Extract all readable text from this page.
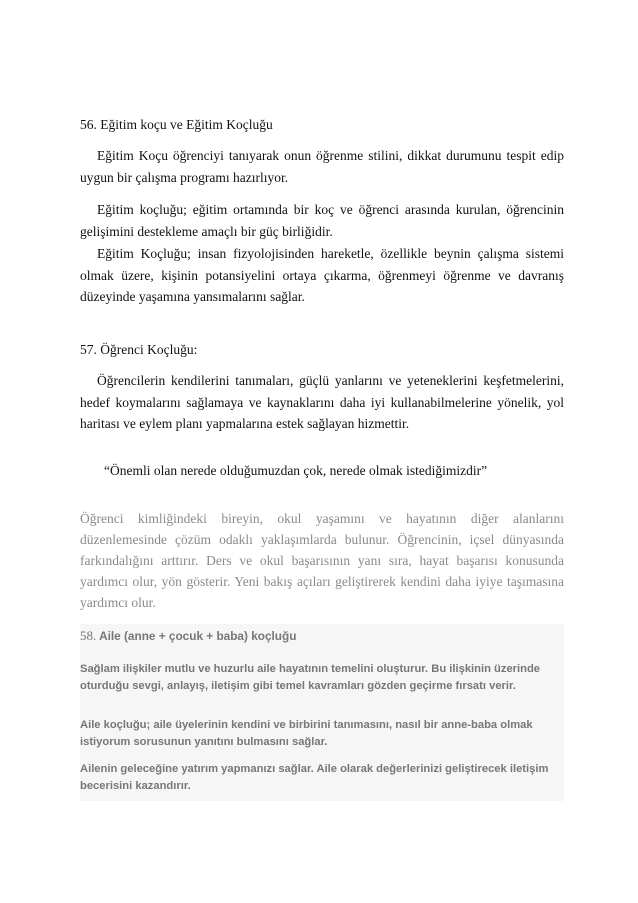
56. Eğitim koçu ve Eğitim Koçluğu
Eğitim Koçu öğrenciyi tanıyarak onun öğrenme stilini, dikkat durumunu tespit edip uygun bir çalışma programı hazırlıyor.
Eğitim koçluğu; eğitim ortamında bir koç ve öğrenci arasında kurulan, öğrencinin gelişimini destekleme amaçlı bir güç birliğidir.
Eğitim Koçluğu; insan fizyolojisinden hareketle, özellikle beynin çalışma sistemi olmak üzere, kişinin potansiyelini ortaya çıkarma, öğrenmeyi öğrenme ve davranış düzeyinde yaşamına yansımalarını sağlar.
57. Öğrenci Koçluğu:
Öğrencilerin kendilerini tanımaları, güçlü yanlarını ve yeteneklerini keşfetmelerini, hedef koymalarını sağlamaya ve kaynaklarını daha iyi kullanabilmelerine yönelik, yol haritası ve eylem planı yapmalarına estek sağlayan hizmettir.
“Önemli olan nerede olduğumuzdan çok, nerede olmak istediğimizdir”
Öğrenci kimliğindeki bireyin, okul yaşamını ve hayatının diğer alanlarını düzenlemesinde çözüm odaklı yaklaşımlarda bulunur. Öğrencinin, içsel dünyasında farkındalığını arttırır. Ders ve okul başarısının yanı sıra, hayat başarısı konusunda yardımcı olur, yön gösterir. Yeni bakış açıları geliştirerek kendini daha iyiye taşımasına yardımcı olur.
58. Aile (anne + çocuk + baba) koçluğu
Sağlam ilişkiler mutlu ve huzurlu aile hayatının temelini oluşturur. Bu ilişkinin üzerinde oturduğu sevgi, anlayış, iletişim gibi temel kavramları gözden geçirme fırsatı verir.
Aile koçluğu; aile üyelerinin kendini ve birbirini tanımasını, nasıl bir anne-baba olmak istiyorum sorusunun yanıtını bulmasını sağlar.
Ailenin geleceğine yatırım yapmanızı sağlar. Aile olarak değerlerinizi geliştirecek iletişim becerisini kazandırır.
